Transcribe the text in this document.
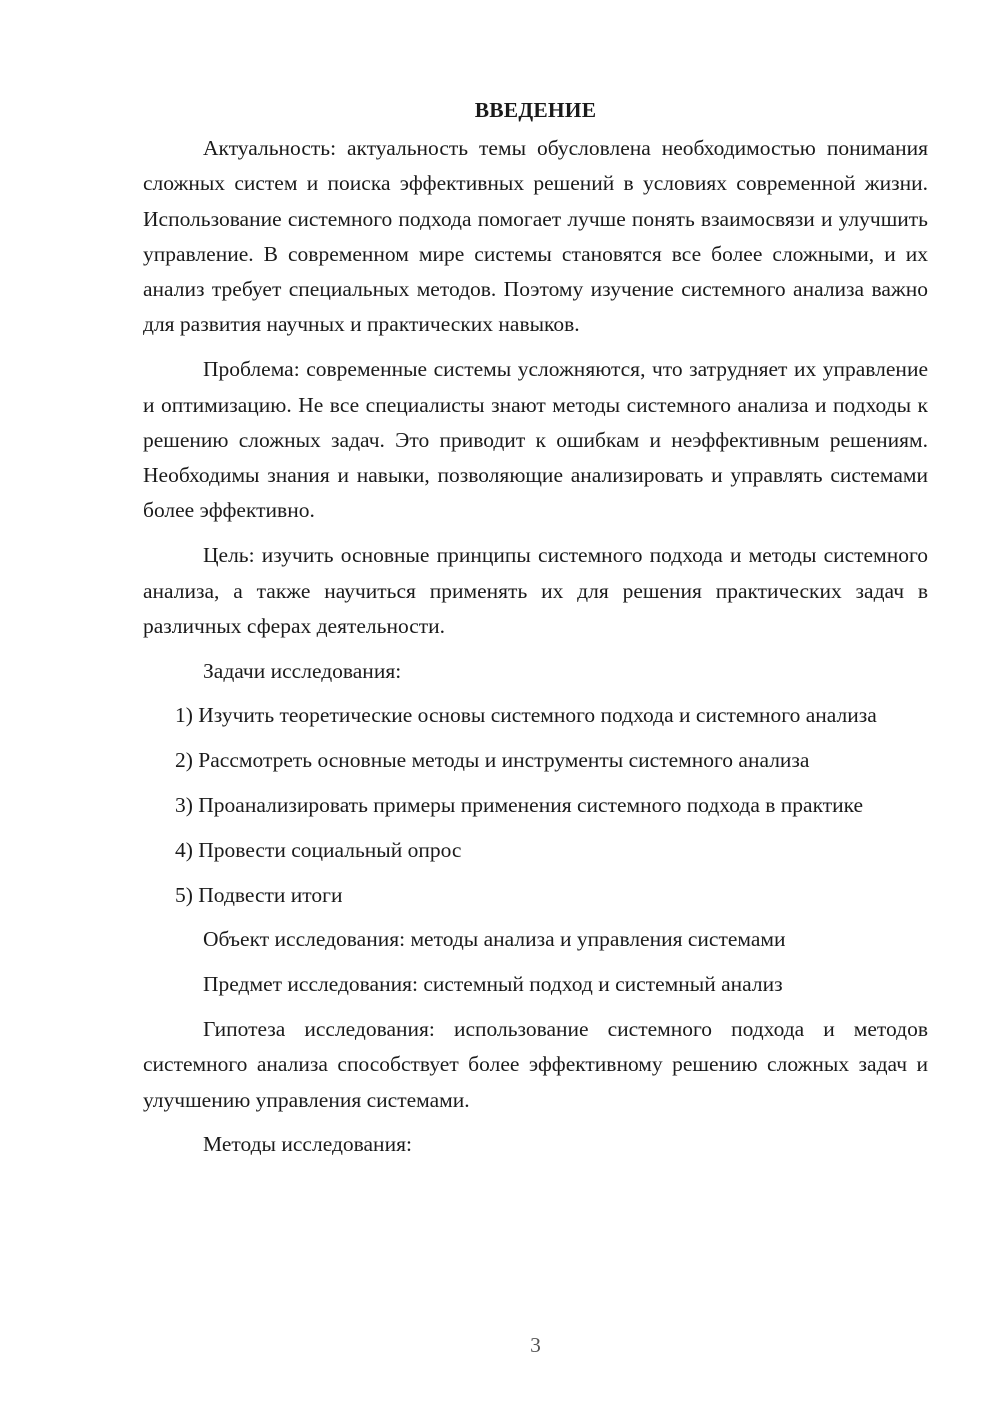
ВВЕДЕНИЕ

Актуальность: актуальность темы обусловлена необходимостью понимания сложных систем и поиска эффективных решений в условиях современной жизни. Использование системного подхода помогает лучше понять взаимосвязи и улучшить управление. В современном мире системы становятся все более сложными, и их анализ требует специальных методов. Поэтому изучение системного анализа важно для развития научных и практических навыков.

Проблема: современные системы усложняются, что затрудняет их управление и оптимизацию. Не все специалисты знают методы системного анализа и подходы к решению сложных задач. Это приводит к ошибкам и неэффективным решениям. Необходимы знания и навыки, позволяющие анализировать и управлять системами более эффективно.

Цель: изучить основные принципы системного подхода и методы системного анализа, а также научиться применять их для решения практических задач в различных сферах деятельности.

Задачи исследования:

1) Изучить теоретические основы системного подхода и системного анализа

2) Рассмотреть основные методы и инструменты системного анализа

3) Проанализировать примеры применения системного подхода в практике

4) Провести социальный опрос

5) Подвести итоги

Объект исследования: методы анализа и управления системами

Предмет исследования: системный подход и системный анализ

Гипотеза исследования: использование системного подхода и методов системного анализа способствует более эффективному решению сложных задач и улучшению управления системами.

Методы исследования:

3
